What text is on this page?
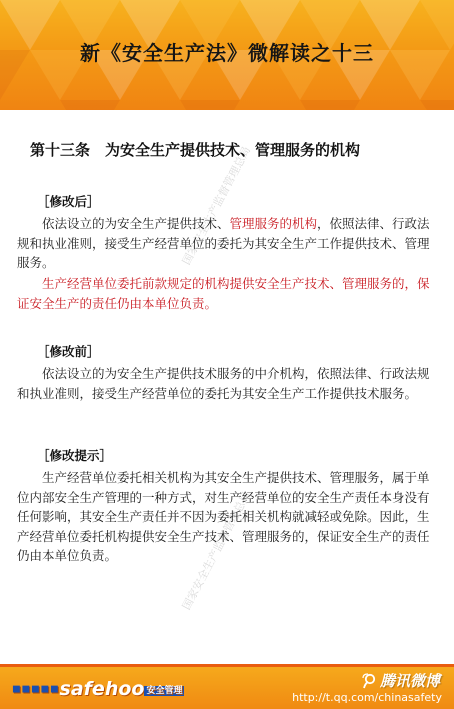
新《安全生产法》微解读之十三
国家安全生产监督管理总局
国家安全生产监督管理总局
第十三条　为安全生产提供技术、管理服务的机构
［修改后］

依法设立的为安全生产提供技术、管理服务的机构，依照法律、行政法规和执业准则，接受生产经营单位的委托为其安全生产工作提供技术、管理服务。

生产经营单位委托前款规定的机构提供安全生产技术、管理服务的，保证安全生产的责任仍由本单位负责。

［修改前］

依法设立的为安全生产提供技术服务的中介机构，依照法律、行政法规和执业准则，接受生产经营单位的委托为其安全生产工作提供技术服务。

［修改提示］

生产经营单位委托相关机构为其安全生产提供技术、管理服务，属于单位内部安全生产管理的一种方式，对生产经营单位的安全生产责任本身没有任何影响，其安全生产责任并不因为委托相关机构就减轻或免除。因此，生产经营单位委托机构提供安全生产技术、管理服务的，保证安全生产的责任仍由本单位负责。

■■■■■safehoo 安全管理
腾讯微博
http://t.qq.com/chinasafety
